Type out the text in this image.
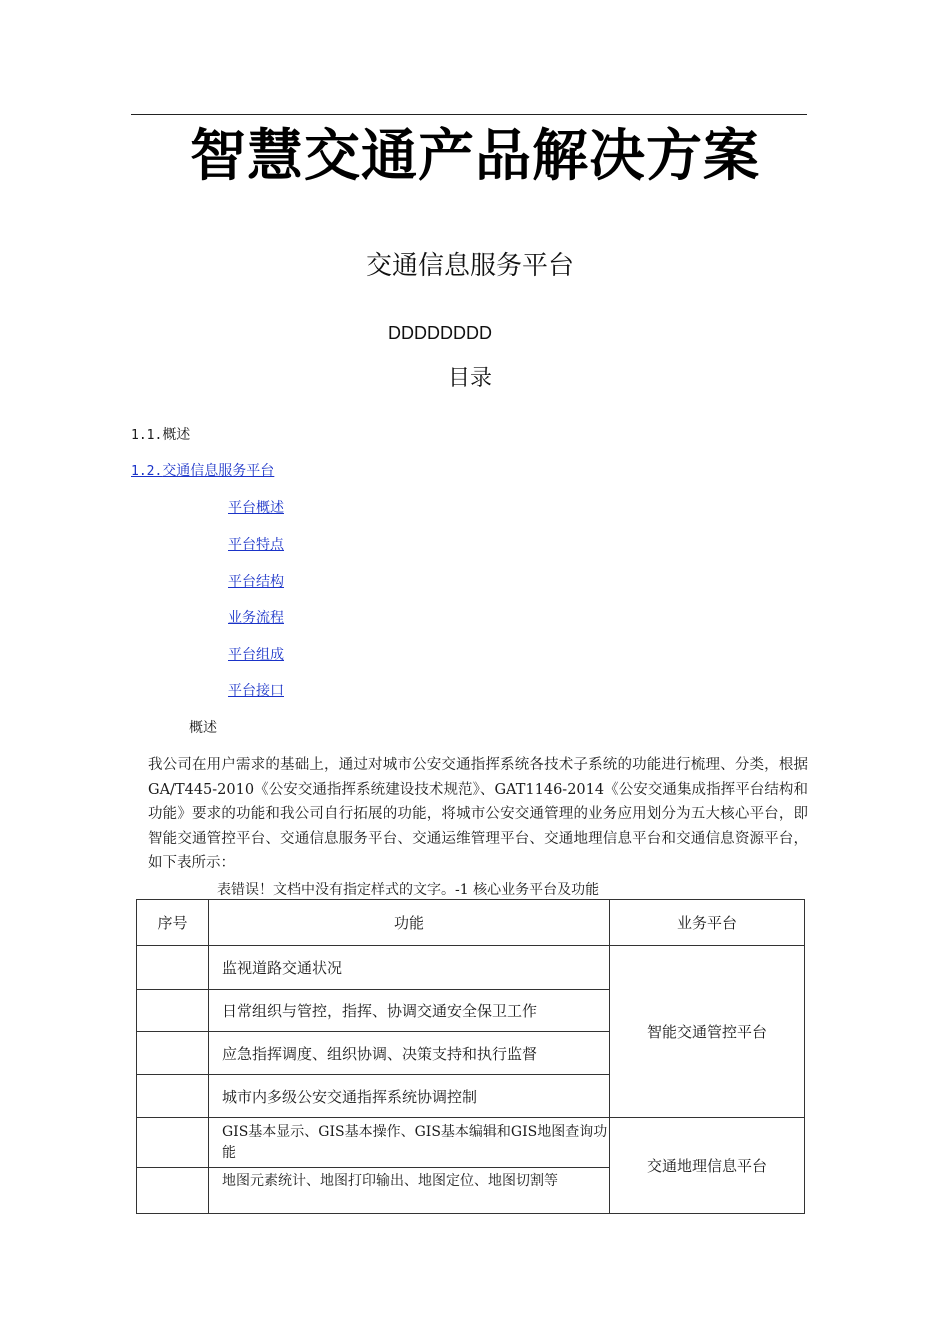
智慧交通产品解决方案
交通信息服务平台
DDDDDDDD
目录
1.1.概述
1.2.交通信息服务平台
平台概述
平台特点
平台结构
业务流程
平台组成
平台接口
概述
我公司在用户需求的基础上，通过对城市公安交通指挥系统各技术子系统的功能进行梳理、分类，根据GA/T445-2010《公安交通指挥系统建设技术规范》、GAT1146-2014《公安交通集成指挥平台结构和功能》要求的功能和我公司自行拓展的功能，将城市公安交通管理的业务应用划分为五大核心平台，即智能交通管控平台、交通信息服务平台、交通运维管理平台、交通地理信息平台和交通信息资源平台，如下表所示：
表错误！文档中没有指定样式的文字。-1 核心业务平台及功能
序号	功能	业务平台
	监视道路交通状况	智能交通管控平台
	日常组织与管控，指挥、协调交通安全保卫工作	
	应急指挥调度、组织协调、决策支持和执行监督	
	城市内多级公安交通指挥系统协调控制	
	GIS基本显示、GIS基本操作、GIS基本编辑和GIS地图查询功能	交通地理信息平台
	地图元素统计、地图打印输出、地图定位、地图切割等	
